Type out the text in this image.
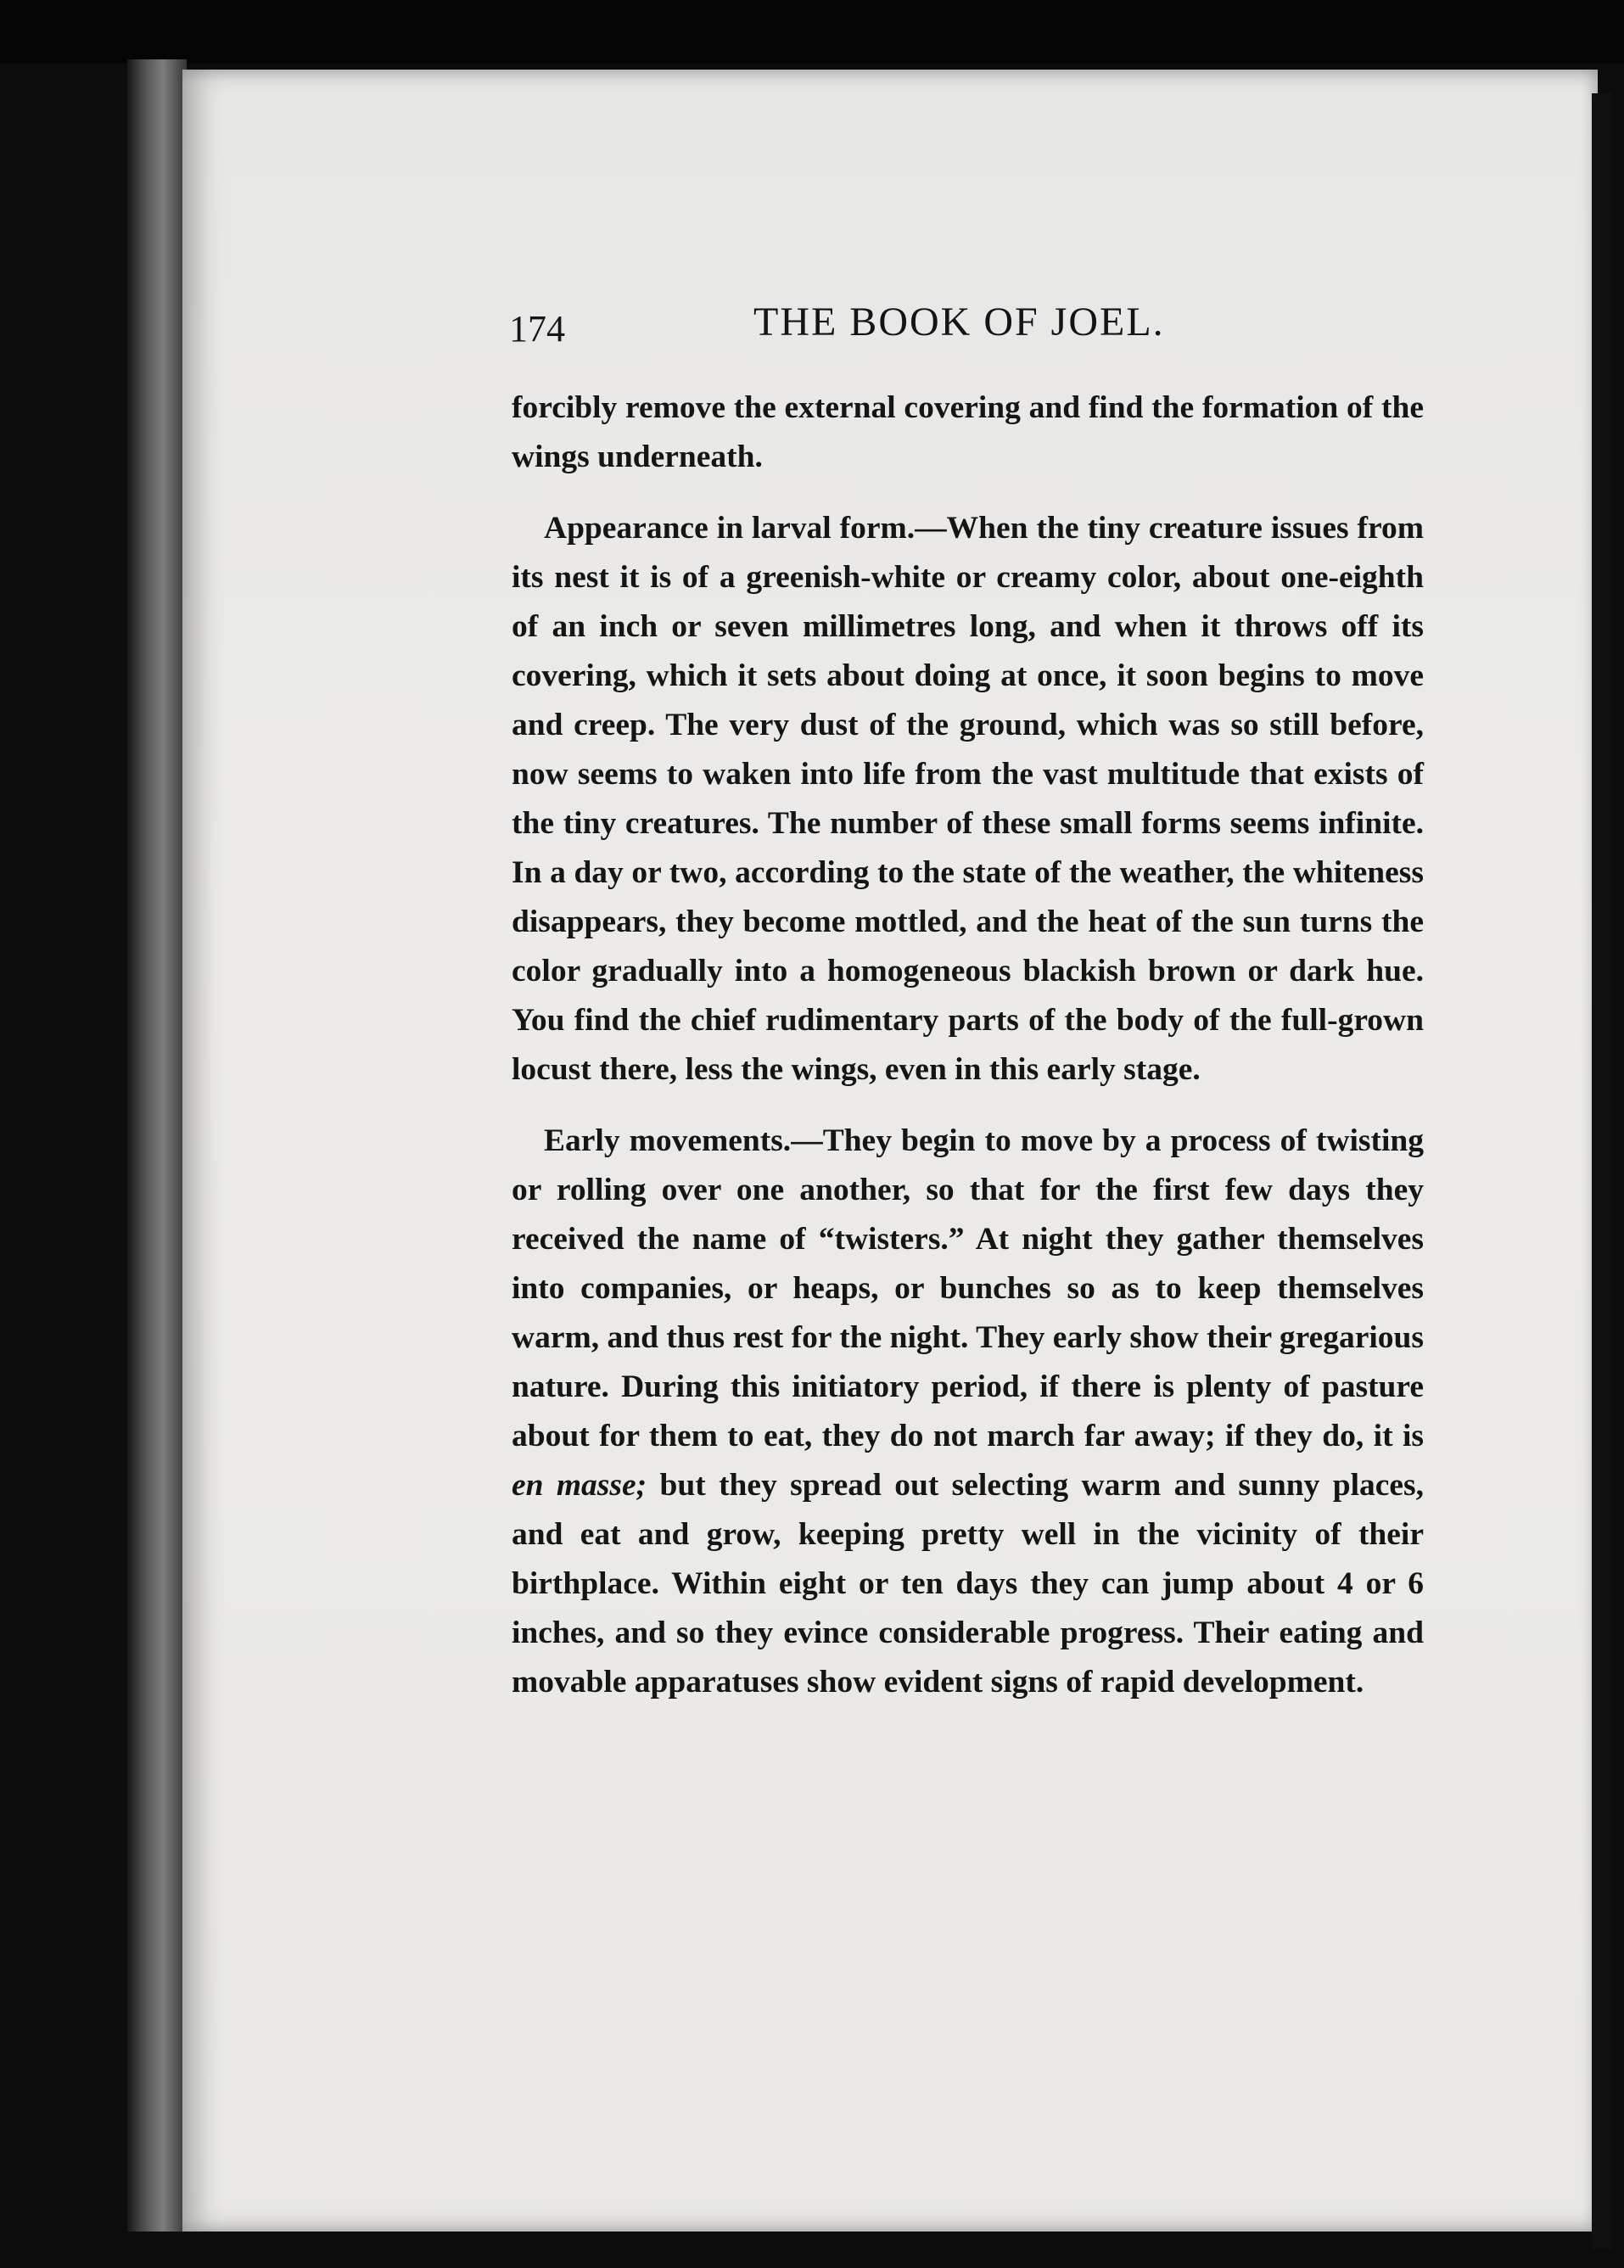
174	THE BOOK OF JOEL.

forcibly remove the external covering and find the formation of the wings underneath.

Appearance in larval form.—When the tiny creature issues from its nest it is of a greenish-white or creamy color, about one-eighth of an inch or seven millimetres long, and when it throws off its covering, which it sets about doing at once, it soon begins to move and creep. The very dust of the ground, which was so still before, now seems to waken into life from the vast multitude that exists of the tiny creatures. The number of these small forms seems infinite. In a day or two, according to the state of the weather, the whiteness disappears, they become mottled, and the heat of the sun turns the color gradually into a homogeneous blackish brown or dark hue. You find the chief rudimentary parts of the body of the full-grown locust there, less the wings, even in this early stage.

Early movements.—They begin to move by a process of twisting or rolling over one another, so that for the first few days they received the name of “twisters.” At night they gather themselves into companies, or heaps, or bunches so as to keep themselves warm, and thus rest for the night. They early show their gregarious nature. During this initiatory period, if there is plenty of pasture about for them to eat, they do not march far away; if they do, it is en masse; but they spread out selecting warm and sunny places, and eat and grow, keeping pretty well in the vicinity of their birthplace. Within eight or ten days they can jump about 4 or 6 inches, and so they evince considerable progress. Their eating and movable apparatuses show evident signs of rapid development.
